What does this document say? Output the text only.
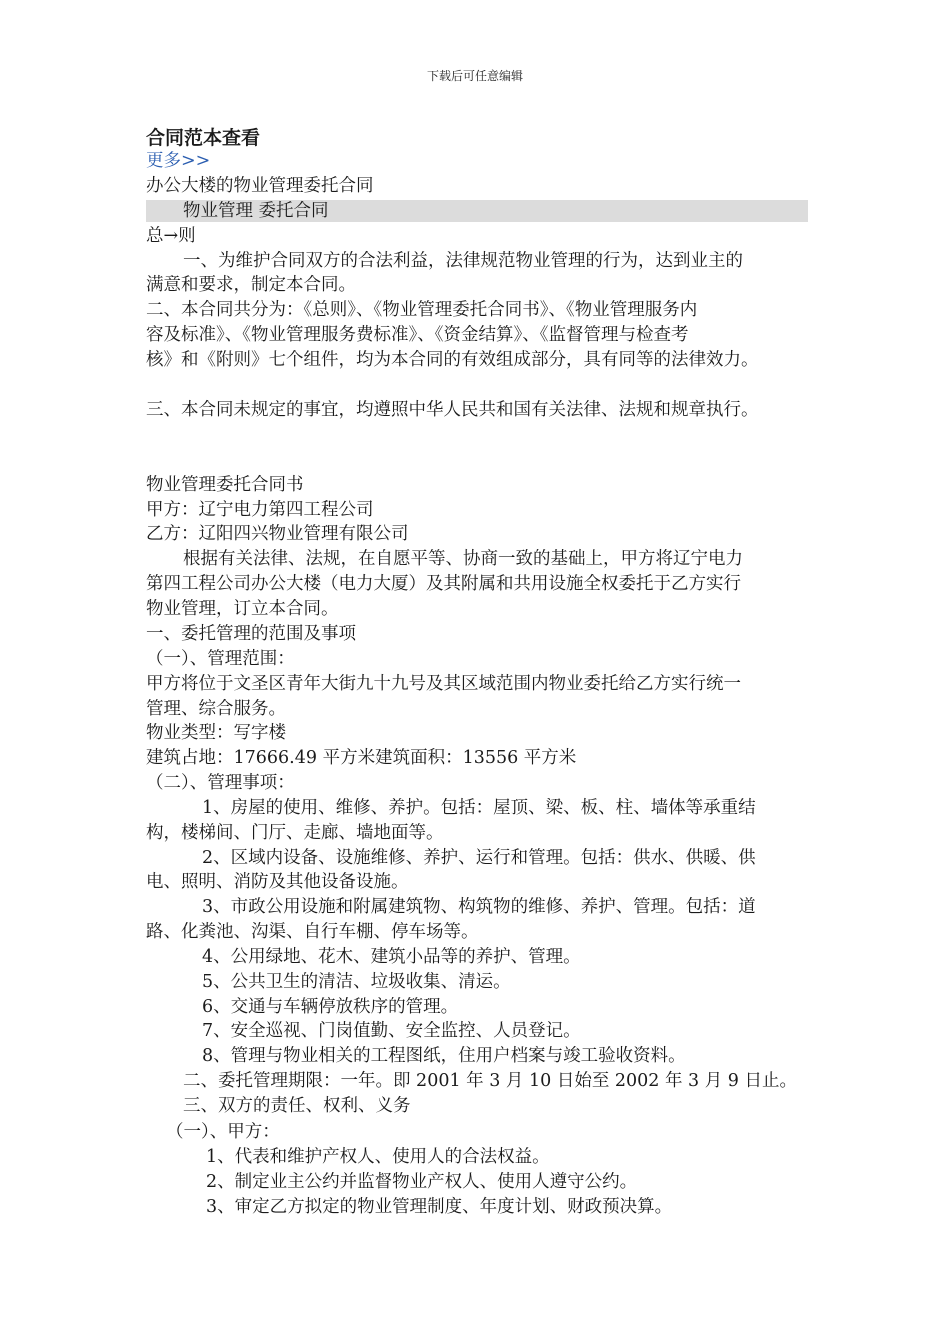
下载后可任意编辑
合同范本查看
更多>>
办公大楼的物业管理委托合同
物业管理 委托合同
总→则
一、为维护合同双方的合法利益，法律规范物业管理的行为，达到业主的
满意和要求，制定本合同。
二、本合同共分为：《总则》、《物业管理委托合同书》、《物业管理服务内
容及标准》、《物业管理服务费标准》、《资金结算》、《监督管理与检查考
核》和《附则》七个组件，均为本合同的有效组成部分，具有同等的法律效力。
三、本合同未规定的事宜，均遵照中华人民共和国有关法律、法规和规章执行。
物业管理委托合同书
甲方：辽宁电力第四工程公司
乙方：辽阳四兴物业管理有限公司
根据有关法律、法规，在自愿平等、协商一致的基础上，甲方将辽宁电力
第四工程公司办公大楼（电力大厦）及其附属和共用设施全权委托于乙方实行
物业管理，订立本合同。
一、委托管理的范围及事项
（一）、管理范围：
甲方将位于文圣区青年大街九十九号及其区域范围内物业委托给乙方实行统一
管理、综合服务。
物业类型：写字楼
建筑占地：17666.49 平方米建筑面积：13556 平方米
（二）、管理事项：
1、房屋的使用、维修、养护。包括：屋顶、梁、板、柱、墙体等承重结
构，楼梯间、门厅、走廊、墙地面等。
2、区域内设备、设施维修、养护、运行和管理。包括：供水、供暖、供
电、照明、消防及其他设备设施。
3、市政公用设施和附属建筑物、构筑物的维修、养护、管理。包括：道
路、化粪池、沟渠、自行车棚、停车场等。
4、公用绿地、花木、建筑小品等的养护、管理。
5、公共卫生的清洁、垃圾收集、清运。
6、交通与车辆停放秩序的管理。
7、安全巡视、门岗值勤、安全监控、人员登记。
8、管理与物业相关的工程图纸，住用户档案与竣工验收资料。
二、委托管理期限：一年。即 2001 年 3 月 10 日始至 2002 年 3 月 9 日止。
三、双方的责任、权利、义务
（一）、甲方：
1、代表和维护产权人、使用人的合法权益。
2、制定业主公约并监督物业产权人、使用人遵守公约。
3、审定乙方拟定的物业管理制度、年度计划、财政预决算。
